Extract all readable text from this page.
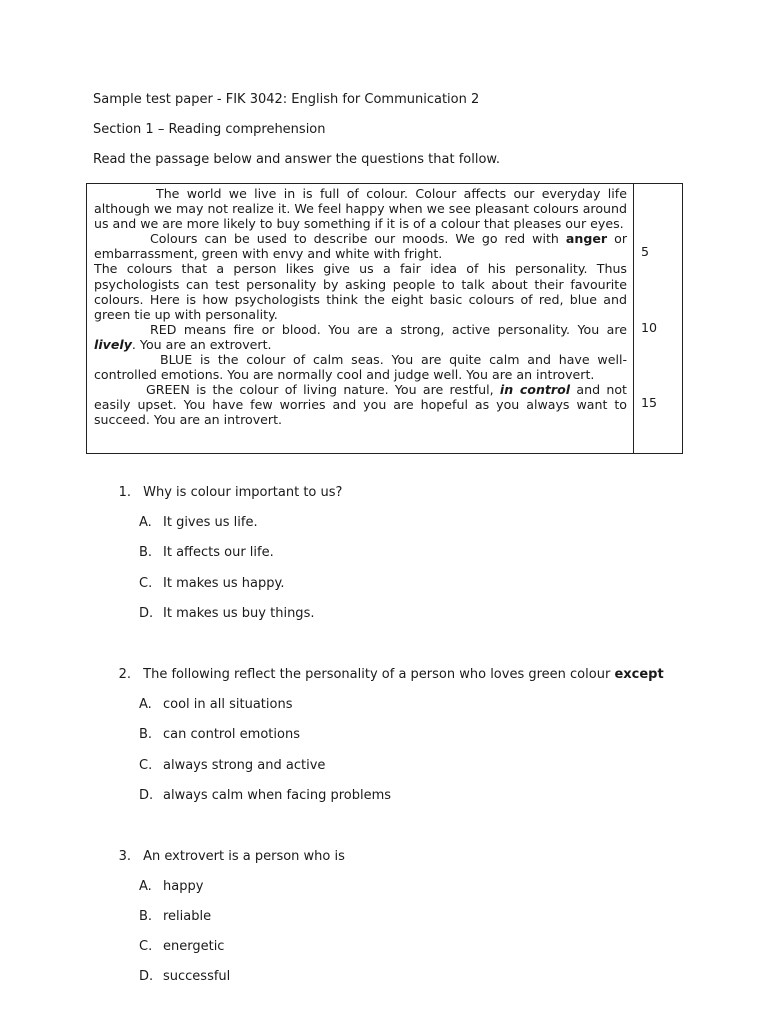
Sample test paper - FIK 3042: English for Communication 2
Section 1 – Reading comprehension
Read the passage below and answer the questions that follow.

The world we live in is full of colour. Colour affects our everyday life although we may not realize it. We feel happy when we see pleasant colours around us and we are more likely to buy something if it is of a colour that pleases our eyes.

Colours can be used to describe our moods. We go red with anger or embarrassment, green with envy and white with fright.

The colours that a person likes give us a fair idea of his personality. Thus psychologists can test personality by asking people to talk about their favourite colours. Here is how psychologists think the eight basic colours of red, blue and green tie up with personality.

RED means fire or blood. You are a strong, active personality. You are lively. You are an extrovert.

BLUE is the colour of calm seas. You are quite calm and have well-controlled emotions. You are normally cool and judge well. You are an introvert.

GREEN is the colour of living nature. You are restful, in control and not easily upset. You have few worries and you are hopeful as you always want to succeed. You are an introvert.

5
10
15
1. Why is colour important to us?
A. It gives us life.
B. It affects our life.
C. It makes us happy.
D. It makes us buy things.
2. The following reflect the personality of a person who loves green colour except
A. cool in all situations
B. can control emotions
C. always strong and active
D. always calm when facing problems
3. An extrovert is a person who is
A. happy
B. reliable
C. energetic
D. successful
